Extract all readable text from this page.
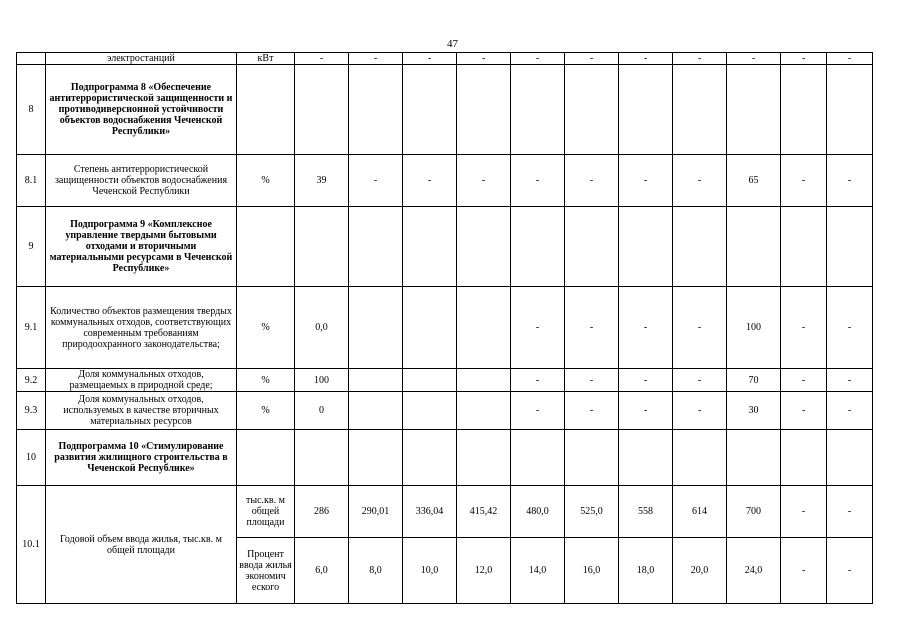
47
	электростанций	кВт	-	-	-	-	-	-	-	-	-	-	-
8	Подпрограмма 8 «Обеспечение антитеррористической защищенности и противодиверсионной устойчивости объектов водоснабжения Чеченской Республики»												
8.1	Степень антитеррористической защищенности объектов водоснабжения Чеченской Республики	%	39	-	-	-	-	-	-	-	65	-	-
9	Подпрограмма 9 «Комплексное управление твердыми бытовыми отходами и вторичными материальными ресурсами в Чеченской Республике»												
9.1	Количество объектов размещения твердых коммунальных отходов, соответствующих современным требованиям природоохранного законодательства;	%	0,0				-	-	-	-	100	-	-
9.2	Доля коммунальных отходов, размещаемых в природной среде;	%	100				-	-	-	-	70	-	-
9.3	Доля коммунальных отходов, используемых в качестве вторичных материальных ресурсов	%	0				-	-	-	-	30	-	-
10	Подпрограмма 10 «Стимулирование развития жилищного строительства в Чеченской Республике»												
10.1	Годовой объем ввода жилья, тыс.кв. м общей площади	тыс.кв. м общей площади	286	290,01	336,04	415,42	480,0	525,0	558	614	700	-	-
		Процент ввода жилья экономич еского	6,0	8,0	10,0	12,0	14,0	16,0	18,0	20,0	24,0	-	-
